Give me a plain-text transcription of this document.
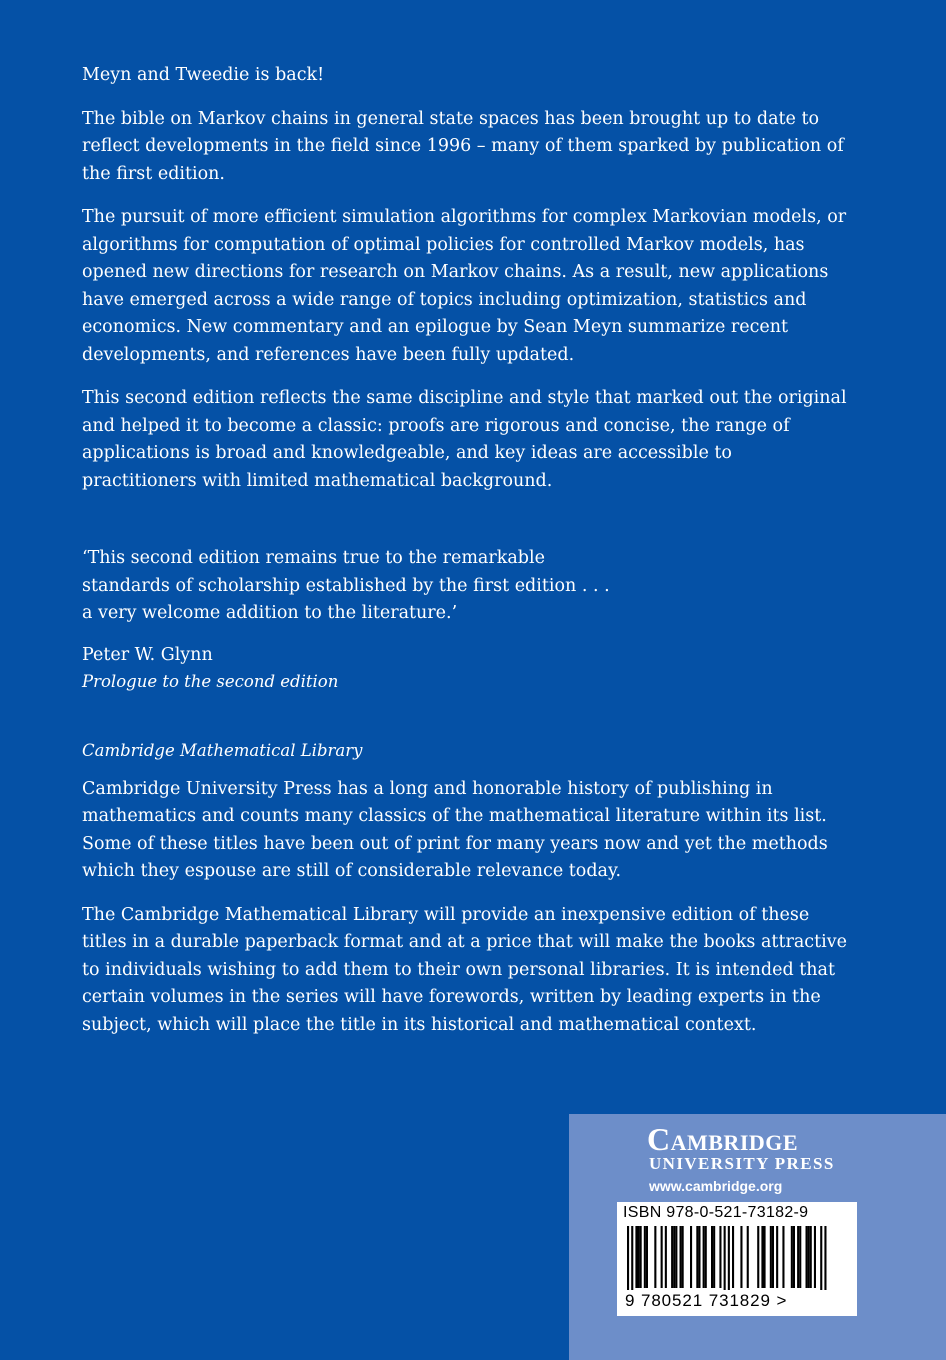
Meyn and Tweedie is back!

The bible on Markov chains in general state spaces has been brought up to date to reflect developments in the field since 1996 – many of them sparked by publication of the first edition.

The pursuit of more efficient simulation algorithms for complex Markovian models, or algorithms for computation of optimal policies for controlled Markov models, has opened new directions for research on Markov chains. As a result, new applications have emerged across a wide range of topics including optimization, statistics and economics. New commentary and an epilogue by Sean Meyn summarize recent developments, and references have been fully updated.

This second edition reflects the same discipline and style that marked out the original and helped it to become a classic: proofs are rigorous and concise, the range of applications is broad and knowledgeable, and key ideas are accessible to practitioners with limited mathematical background.

‘This second edition remains true to the remarkable standards of scholarship established by the first edition . . . a very welcome addition to the literature.’

Peter W. Glynn
Prologue to the second edition
Cambridge Mathematical Library

Cambridge University Press has a long and honorable history of publishing in mathematics and counts many classics of the mathematical literature within its list. Some of these titles have been out of print for many years now and yet the methods which they espouse are still of considerable relevance today.

The Cambridge Mathematical Library will provide an inexpensive edition of these titles in a durable paperback format and at a price that will make the books attractive to individuals wishing to add them to their own personal libraries. It is intended that certain volumes in the series will have forewords, written by leading experts in the subject, which will place the title in its historical and mathematical context.

Cambridge
UNIVERSITY PRESS
www.cambridge.org
ISBN 978-0-521-73182-9
9 780521 731829 >
